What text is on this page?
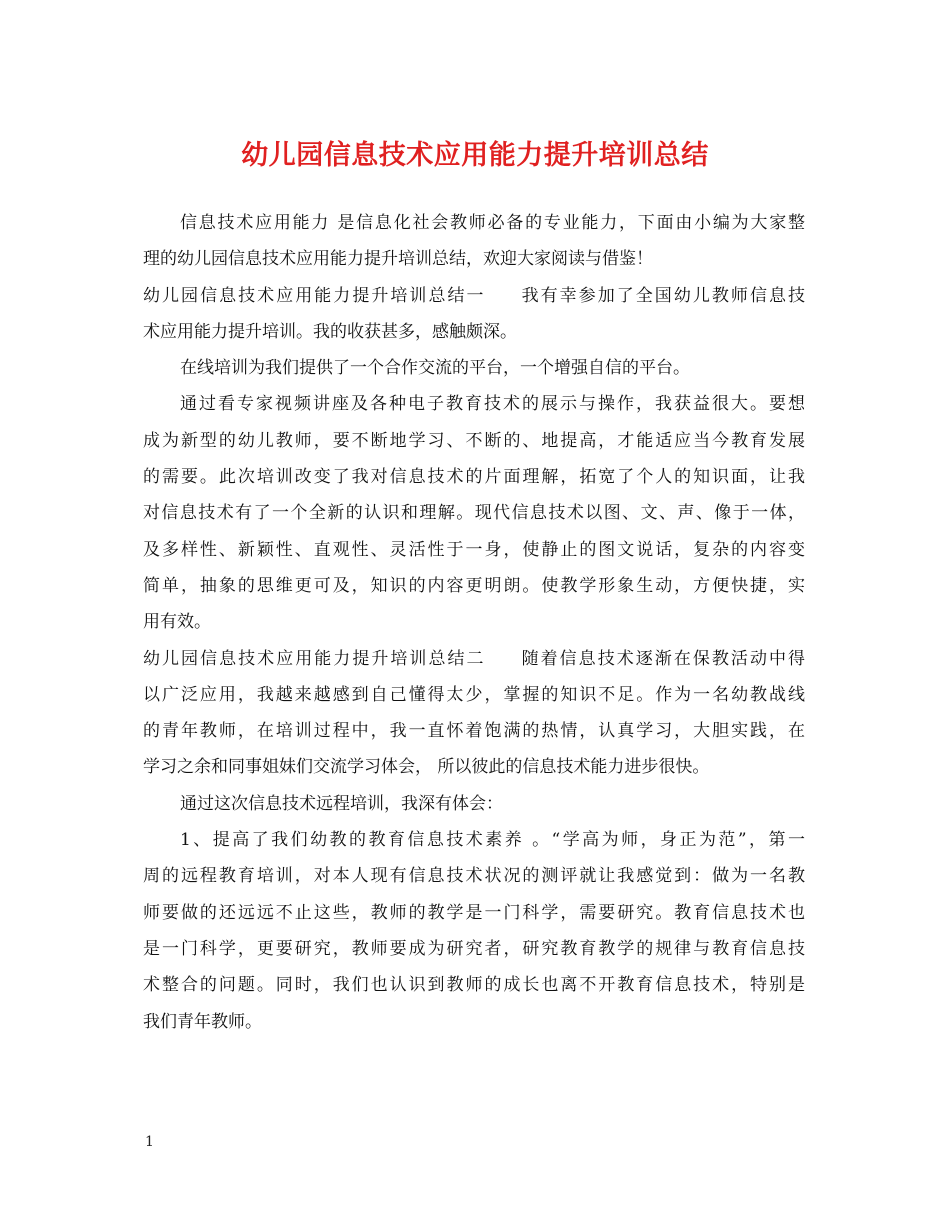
幼儿园信息技术应用能力提升培训总结
信息技术应用能力 是信息化社会教师必备的专业能力，下面由小编为大家整
理的幼儿园信息技术应用能力提升培训总结，欢迎大家阅读与借鉴！
幼儿园信息技术应用能力提升培训总结一 我有幸参加了全国幼儿教师信息技
术应用能力提升培训。我的收获甚多，感触颇深。
在线培训为我们提供了一个合作交流的平台，一个增强自信的平台。
通过看专家视频讲座及各种电子教育技术的展示与操作，我获益很大。要想
成为新型的幼儿教师，要不断地学习、不断的、地提高，才能适应当今教育发展
的需要。此次培训改变了我对信息技术的片面理解，拓宽了个人的知识面，让我
对信息技术有了一个全新的认识和理解。现代信息技术以图、文、声、像于一体，
及多样性、新颖性、直观性、灵活性于一身，使静止的图文说话，复杂的内容变
简单，抽象的思维更可及，知识的内容更明朗。使教学形象生动，方便快捷，实
用有效。
幼儿园信息技术应用能力提升培训总结二 随着信息技术逐渐在保教活动中得
以广泛应用，我越来越感到自己懂得太少，掌握的知识不足。作为一名幼教战线
的青年教师，在培训过程中，我一直怀着饱满的热情，认真学习，大胆实践，在
学习之余和同事姐妹们交流学习体会， 所以彼此的信息技术能力进步很快。
通过这次信息技术远程培训，我深有体会：
1、提高了我们幼教的教育信息技术素养 。“学高为师，身正为范”，第一
周的远程教育培训，对本人现有信息技术状况的测评就让我感觉到：做为一名教
师要做的还远远不止这些，教师的教学是一门科学，需要研究。教育信息技术也
是一门科学，更要研究，教师要成为研究者，研究教育教学的规律与教育信息技
术整合的问题。同时，我们也认识到教师的成长也离不开教育信息技术，特别是
我们青年教师。
1
